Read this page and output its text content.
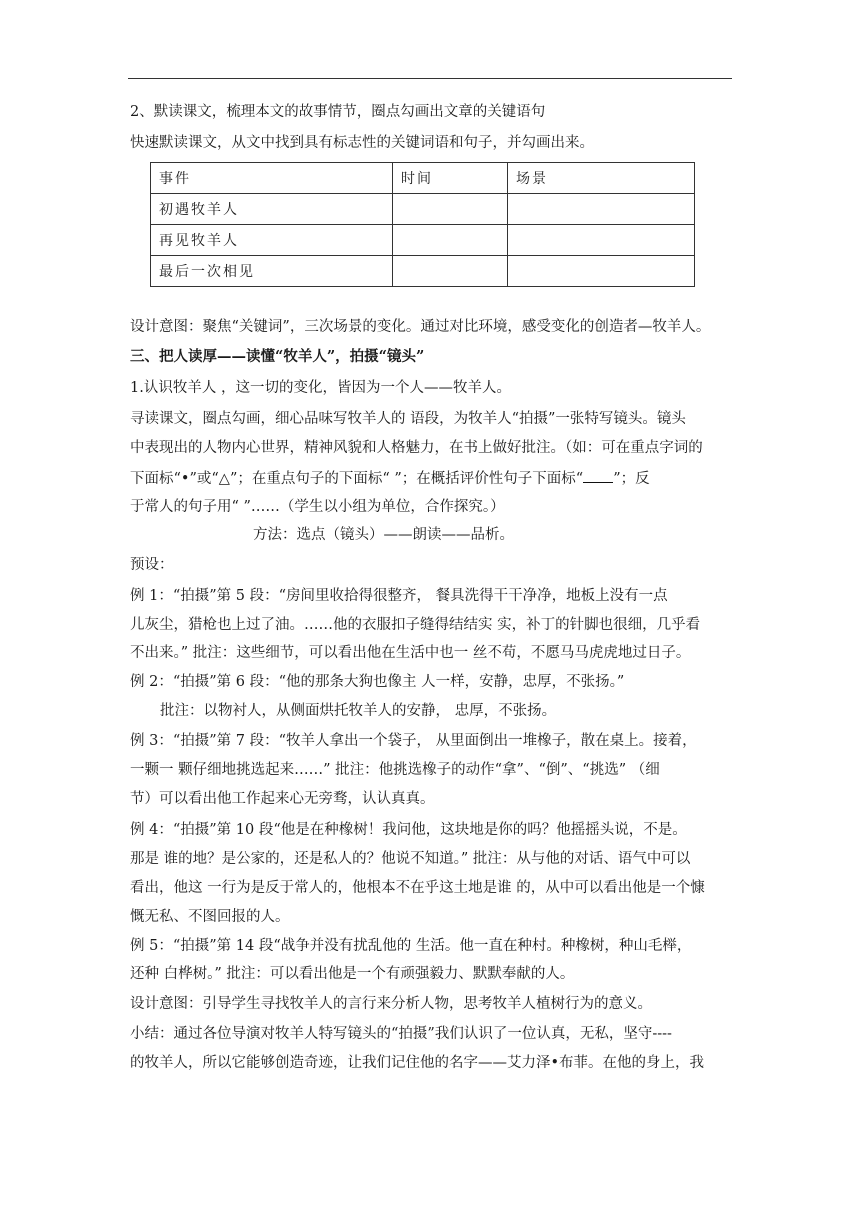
2、默读课文，梳理本文的故事情节，圈点勾画出文章的关键语句
快速默读课文，从文中找到具有标志性的关键词语和句子，并勾画出来。
事件	时间	场景
初遇牧羊人		
再见牧羊人		
最后一次相见		
设计意图：聚焦“关键词”，三次场景的变化。通过对比环境，感受变化的创造者—牧羊人。
三、把人读厚——读懂“牧羊人”，拍摄“镜头”
1.认识牧羊人 ，这一切的变化，皆因为一个人——牧羊人。
寻读课文，圈点勾画，细心品味写牧羊人的 语段，为牧羊人“拍摄”一张特写镜头。镜头
中表现出的人物内心世界，精神风貌和人格魅力，在书上做好批注。（如：可在重点字词的
下面标“•”或“△”；在重点句子的下面标“ ”；在概括评价性句子下面标“ ”；反
于常人的句子用“ ”……（学生以小组为单位，合作探究。）
方法：选点（镜头）——朗读——品析。
预设：
例 1：“拍摄”第 5 段：“房间里收拾得很整齐， 餐具洗得干干净净，地板上没有一点
儿灰尘，猎枪也上过了油。……他的衣服扣子缝得结结实 实，补丁的针脚也很细，几乎看
不出来。” 批注：这些细节，可以看出他在生活中也一 丝不苟，不愿马马虎虎地过日子。
例 2：“拍摄”第 6 段：“他的那条大狗也像主 人一样，安静，忠厚，不张扬。”
批注：以物衬人，从侧面烘托牧羊人的安静， 忠厚，不张扬。
例 3：“拍摄”第 7 段：“牧羊人拿出一个袋子， 从里面倒出一堆橡子，散在桌上。接着，
一颗一 颗仔细地挑选起来……” 批注：他挑选橡子的动作“拿”、“倒”、“挑选” （细
节）可以看出他工作起来心无旁骛，认认真真。
例 4：“拍摄”第 10 段“他是在种橡树！我问他，这块地是你的吗？他摇摇头说，不是。
那是 谁的地？是公家的，还是私人的？他说不知道。” 批注：从与他的对话、语气中可以
看出，他这 一行为是反于常人的，他根本不在乎这土地是谁 的，从中可以看出他是一个慷
慨无私、不图回报的人。
例 5：“拍摄”第 14 段“战争并没有扰乱他的 生活。他一直在种村。种橡树，种山毛榉，
还种 白桦树。” 批注：可以看出他是一个有顽强毅力、默默奉献的人。
设计意图：引导学生寻找牧羊人的言行来分析人物，思考牧羊人植树行为的意义。
小结：通过各位导演对牧羊人特写镜头的“拍摄”我们认识了一位认真，无私，坚守----
的牧羊人，所以它能够创造奇迹，让我们记住他的名字——艾力泽•布菲。在他的身上，我
